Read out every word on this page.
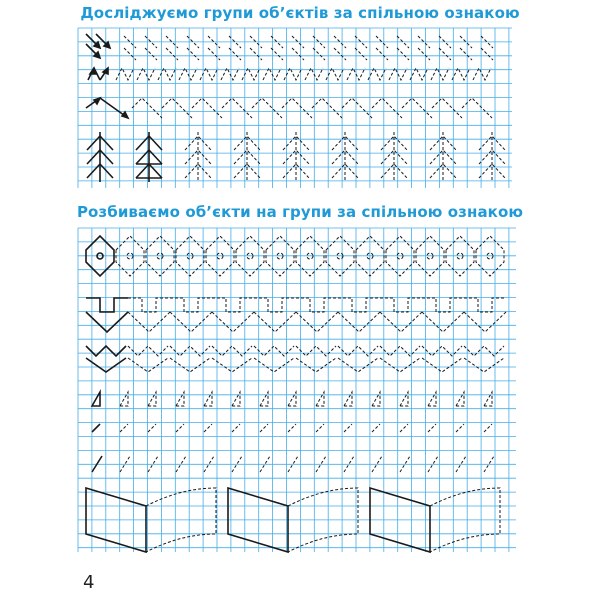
Досліджуємо групи об’єктів за спільною ознакою
Розбиваємо об’єкти на групи за спільною ознакою
4
